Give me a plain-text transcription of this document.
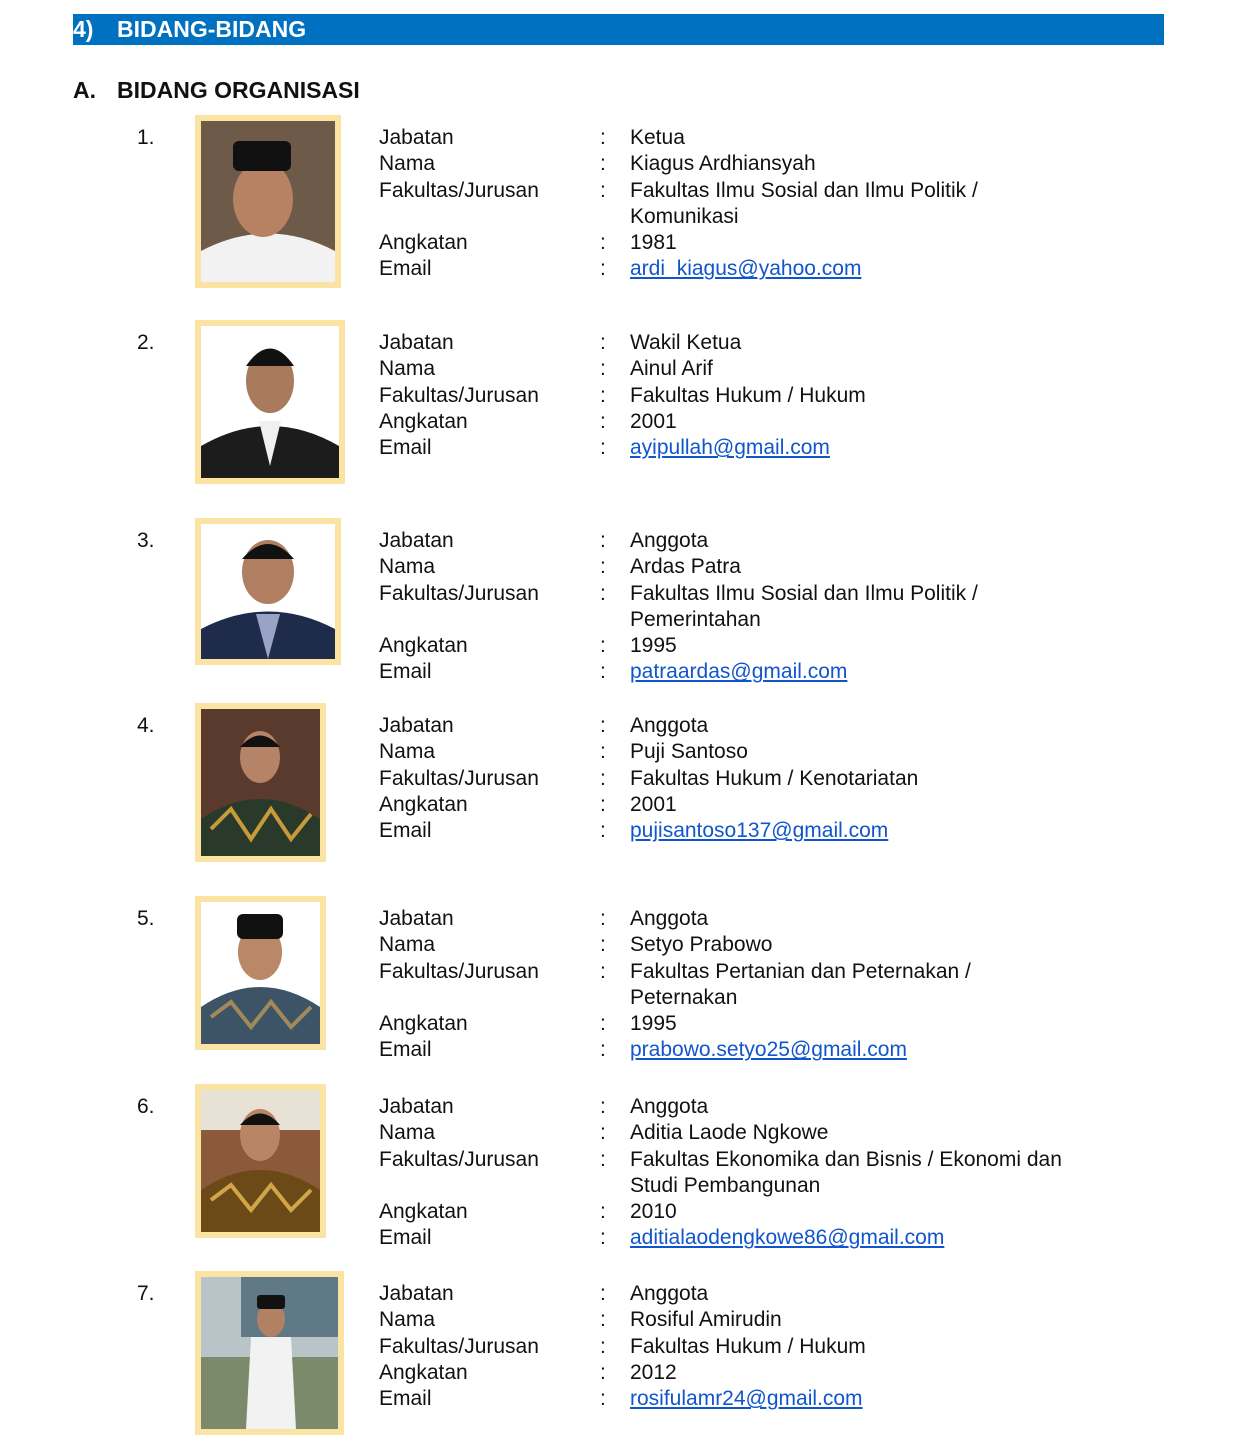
4) BIDANG-BIDANG
A. BIDANG ORGANISASI
1.	Jabatan	: Ketua
Nama	: Kiagus Ardhiansyah
Fakultas/Jurusan	: Fakultas Ilmu Sosial dan Ilmu Politik / Komunikasi
Angkatan	: 1981
Email	: ardi_kiagus@yahoo.com
2.	Jabatan	: Wakil Ketua
Nama	: Ainul Arif
Fakultas/Jurusan	: Fakultas Hukum / Hukum
Angkatan	: 2001
Email	: ayipullah@gmail.com
3.	Jabatan	: Anggota
Nama	: Ardas Patra
Fakultas/Jurusan	: Fakultas Ilmu Sosial dan Ilmu Politik / Pemerintahan
Angkatan	: 1995
Email	: patraardas@gmail.com
4.	Jabatan	: Anggota
Nama	: Puji Santoso
Fakultas/Jurusan	: Fakultas Hukum / Kenotariatan
Angkatan	: 2001
Email	: pujisantoso137@gmail.com
5.	Jabatan	: Anggota
Nama	: Setyo Prabowo
Fakultas/Jurusan	: Fakultas Pertanian dan Peternakan / Peternakan
Angkatan	: 1995
Email	: prabowo.setyo25@gmail.com
6.	Jabatan	: Anggota
Nama	: Aditia Laode Ngkowe
Fakultas/Jurusan	: Fakultas Ekonomika dan Bisnis / Ekonomi dan Studi Pembangunan
Angkatan	: 2010
Email	: aditialaodengkowe86@gmail.com
7.	Jabatan	: Anggota
Nama	: Rosiful Amirudin
Fakultas/Jurusan	: Fakultas Hukum / Hukum
Angkatan	: 2012
Email	: rosifulamr24@gmail.com
